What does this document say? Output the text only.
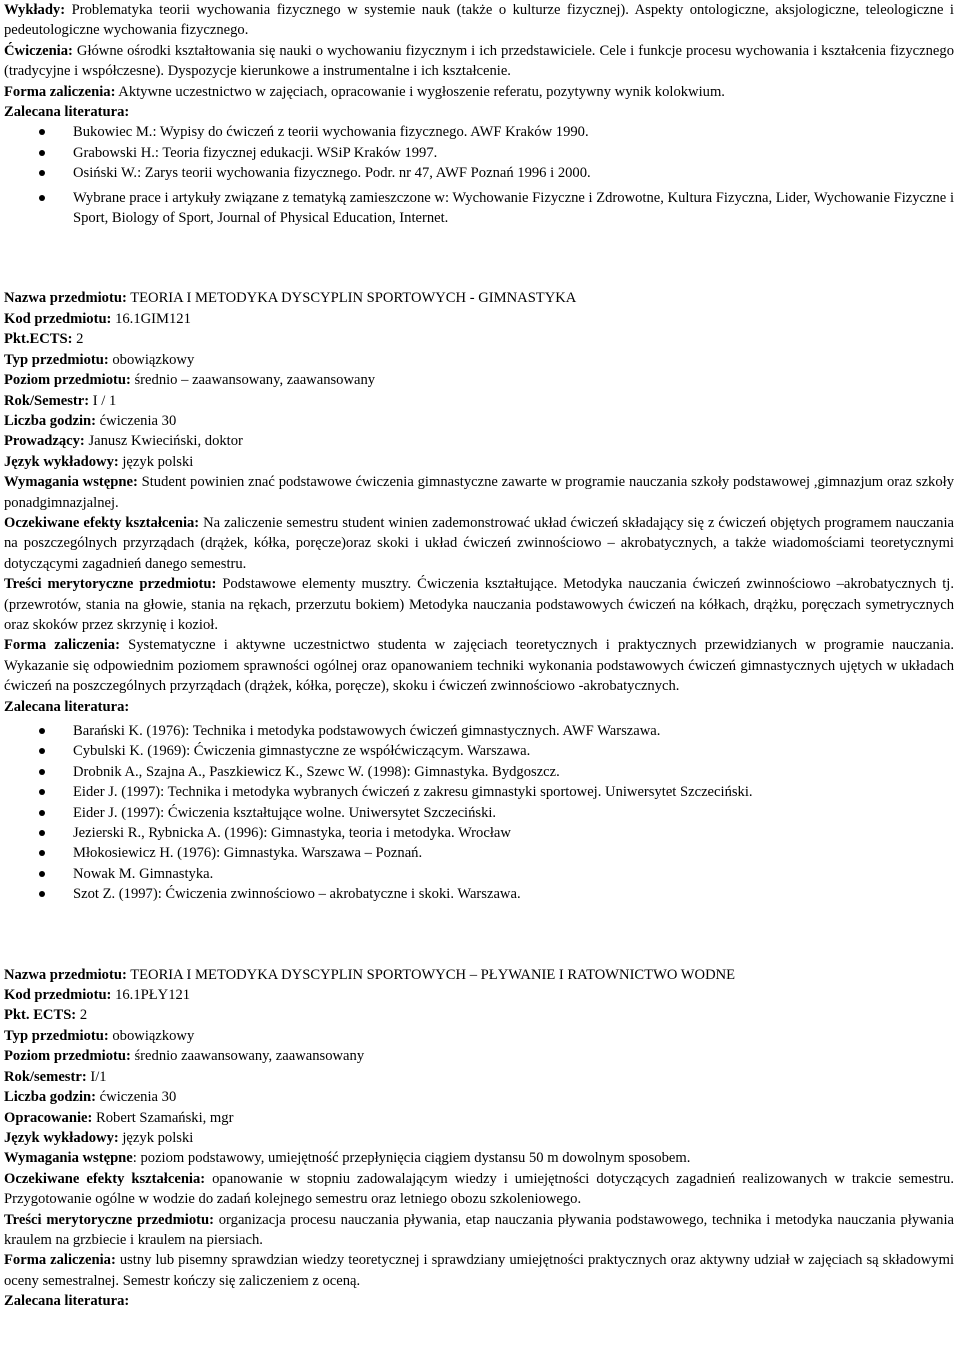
Wykłady: Problematyka teorii wychowania fizycznego w systemie nauk (także o kulturze fizycznej). Aspekty ontologiczne, aksjologiczne, teleologiczne i pedeutologiczne wychowania fizycznego.

Ćwiczenia: Główne ośrodki kształtowania się nauki o wychowaniu fizycznym i ich przedstawiciele. Cele i funkcje procesu wychowania i kształcenia fizycznego (tradycyjne i współczesne). Dyspozycje kierunkowe a instrumentalne i ich kształcenie.

Forma zaliczenia: Aktywne uczestnictwo w zajęciach, opracowanie i wygłoszenie referatu, pozytywny wynik kolokwium.

Zalecana literatura:

Bukowiec M.: Wypisy do ćwiczeń z teorii wychowania fizycznego. AWF Kraków 1990.
Grabowski H.: Teoria fizycznej edukacji. WSiP Kraków 1997.
Osiński W.: Zarys teorii wychowania fizycznego. Podr. nr 47, AWF Poznań 1996 i 2000.
Wybrane prace i artykuły związane z tematyką zamieszczone w: Wychowanie Fizyczne i Zdrowotne, Kultura Fizyczna, Lider, Wychowanie Fizyczne i Sport, Biology of Sport, Journal of Physical Education, Internet.

Nazwa przedmiotu: TEORIA I METODYKA DYSCYPLIN SPORTOWYCH - GIMNASTYKA

Kod przedmiotu: 16.1GIM121

Pkt.ECTS: 2

Typ przedmiotu: obowiązkowy

Poziom przedmiotu: średnio – zaawansowany, zaawansowany

Rok/Semestr: I / 1

Liczba godzin: ćwiczenia 30

Prowadzący: Janusz Kwieciński, doktor

Język wykładowy: język polski

Wymagania wstępne: Student powinien znać podstawowe ćwiczenia gimnastyczne zawarte w programie nauczania szkoły podstawowej ,gimnazjum oraz szkoły ponadgimnazjalnej.

Oczekiwane efekty kształcenia: Na zaliczenie semestru student winien zademonstrować układ ćwiczeń składający się z ćwiczeń objętych programem nauczania na poszczególnych przyrządach (drążek, kółka, poręcze)oraz skoki i układ ćwiczeń zwinnościowo – akrobatycznych, a także wiadomościami teoretycznymi dotyczącymi zagadnień danego semestru.

Treści merytoryczne przedmiotu: Podstawowe elementy musztry. Ćwiczenia kształtujące. Metodyka nauczania ćwiczeń zwinnościowo –akrobatycznych tj.(przewrotów, stania na głowie, stania na rękach, przerzutu bokiem) Metodyka nauczania podstawowych ćwiczeń na kółkach, drążku, poręczach symetrycznych oraz skoków przez skrzynię i kozioł.

Forma zaliczenia: Systematyczne i aktywne uczestnictwo studenta w zajęciach teoretycznych i praktycznych przewidzianych w programie nauczania. Wykazanie się odpowiednim poziomem sprawności ogólnej oraz opanowaniem techniki wykonania podstawowych ćwiczeń gimnastycznych ujętych w układach ćwiczeń na poszczególnych przyrządach (drążek, kółka, poręcze), skoku i ćwiczeń zwinnościowo -akrobatycznych.

Zalecana literatura:

Barański K. (1976): Technika i metodyka podstawowych ćwiczeń gimnastycznych. AWF Warszawa.
Cybulski K. (1969): Ćwiczenia gimnastyczne ze współćwiczącym. Warszawa.
Drobnik A., Szajna A., Paszkiewicz K., Szewc W. (1998): Gimnastyka. Bydgoszcz.
Eider J. (1997): Technika i metodyka wybranych ćwiczeń z zakresu gimnastyki sportowej. Uniwersytet Szczeciński.
Eider J. (1997): Ćwiczenia kształtujące wolne. Uniwersytet Szczeciński.
Jezierski R., Rybnicka A. (1996): Gimnastyka, teoria i metodyka. Wrocław
Młokosiewicz H. (1976): Gimnastyka. Warszawa – Poznań.
Nowak M. Gimnastyka.
Szot Z. (1997): Ćwiczenia zwinnościowo – akrobatyczne i skoki. Warszawa.

Nazwa przedmiotu: TEORIA I METODYKA DYSCYPLIN SPORTOWYCH – PŁYWANIE I RATOWNICTWO WODNE

Kod przedmiotu: 16.1PŁY121

Pkt. ECTS: 2

Typ przedmiotu: obowiązkowy

Poziom przedmiotu: średnio zaawansowany, zaawansowany

Rok/semestr: I/1

Liczba godzin: ćwiczenia 30

Opracowanie: Robert Szamański, mgr

Język wykładowy: język polski

Wymagania wstępne: poziom podstawowy, umiejętność przepłynięcia ciągiem dystansu 50 m dowolnym sposobem.

Oczekiwane efekty kształcenia: opanowanie w stopniu zadowalającym wiedzy i umiejętności dotyczących zagadnień realizowanych w trakcie semestru. Przygotowanie ogólne w wodzie do zadań kolejnego semestru oraz letniego obozu szkoleniowego.

Treści merytoryczne przedmiotu: organizacja procesu nauczania pływania, etap nauczania pływania podstawowego, technika i metodyka nauczania pływania kraulem na grzbiecie i kraulem na piersiach.

Forma zaliczenia: ustny lub pisemny sprawdzian wiedzy teoretycznej i sprawdziany umiejętności praktycznych oraz aktywny udział w zajęciach są składowymi oceny semestralnej. Semestr kończy się zaliczeniem z oceną.

Zalecana literatura:
